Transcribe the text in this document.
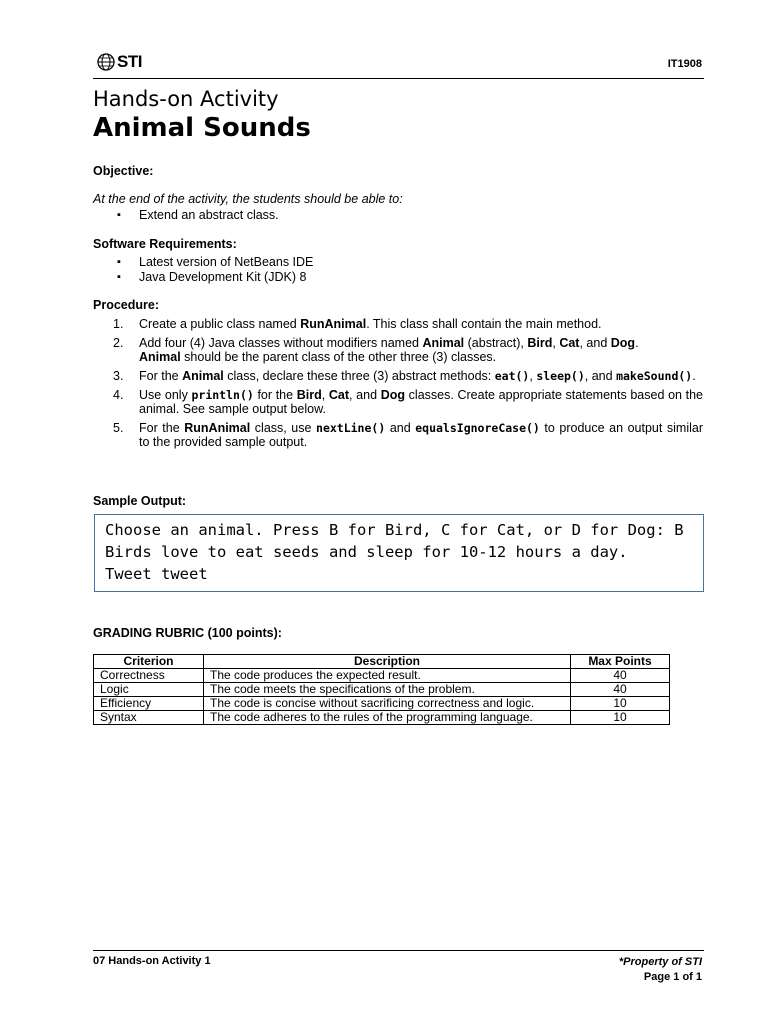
STI	IT1908
Hands-on Activity
Animal Sounds
Objective:
At the end of the activity, the students should be able to:
▪ Extend an abstract class.
Software Requirements:
▪ Latest version of NetBeans IDE
▪ Java Development Kit (JDK) 8
Procedure:
1. Create a public class named RunAnimal. This class shall contain the main method.
2. Add four (4) Java classes without modifiers named Animal (abstract), Bird, Cat, and Dog.
Animal should be the parent class of the other three (3) classes.
3. For the Animal class, declare these three (3) abstract methods: eat(), sleep(), and makeSound().
4. Use only println() for the Bird, Cat, and Dog classes. Create appropriate statements based on the animal. See sample output below.
5. For the RunAnimal class, use nextLine() and equalsIgnoreCase() to produce an output similar to the provided sample output.
Sample Output:
Choose an animal. Press B for Bird, C for Cat, or D for Dog: B
Birds love to eat seeds and sleep for 10-12 hours a day.
Tweet tweet
GRADING RUBRIC (100 points):
Criterion	Description	Max Points
Correctness	The code produces the expected result.	40
Logic	The code meets the specifications of the problem.	40
Efficiency	The code is concise without sacrificing correctness and logic.	10
Syntax	The code adheres to the rules of the programming language.	10
07 Hands-on Activity 1	*Property of STI
Page 1 of 1
